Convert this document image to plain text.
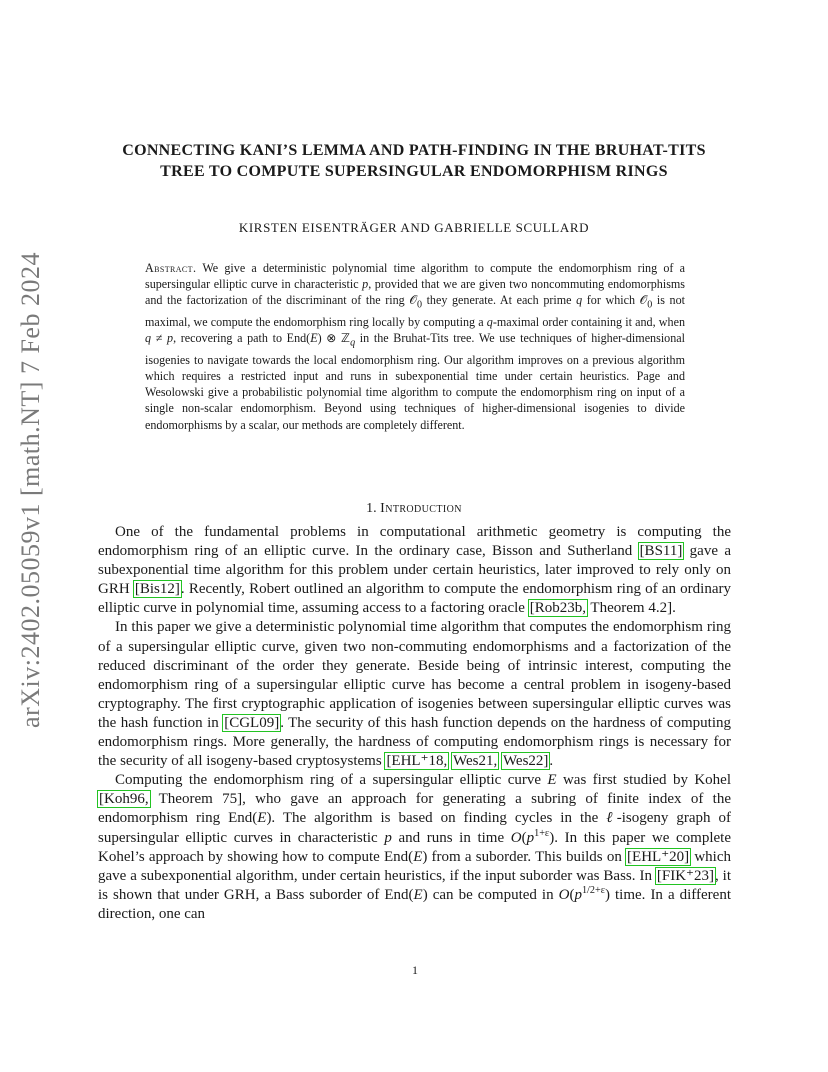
arXiv:2402.05059v1 [math.NT] 7 Feb 2024
CONNECTING KANI’S LEMMA AND PATH-FINDING IN THE BRUHAT-TITS TREE TO COMPUTE SUPERSINGULAR ENDOMORPHISM RINGS
KIRSTEN EISENTRÄGER AND GABRIELLE SCULLARD
Abstract. We give a deterministic polynomial time algorithm to compute the endomorphism ring of a supersingular elliptic curve in characteristic p, provided that we are given two noncommuting endomorphisms and the factorization of the discriminant of the ring 𝒪$_0$ they generate. At each prime q for which 𝒪$_0$ is not maximal, we compute the endomorphism ring locally by computing a q-maximal order containing it and, when q ≠ p, recovering a path to End(E) ⊗ ℤ$_q$ in the Bruhat-Tits tree. We use techniques of higher-dimensional isogenies to navigate towards the local endomorphism ring. Our algorithm improves on a previous algorithm which requires a restricted input and runs in subexponential time under certain heuristics. Page and Wesolowski give a probabilistic polynomial time algorithm to compute the endomorphism ring on input of a single non-scalar endomorphism. Beyond using techniques of higher-dimensional isogenies to divide endomorphisms by a scalar, our methods are completely different.
1. Introduction

One of the fundamental problems in computational arithmetic geometry is computing the endomorphism ring of an elliptic curve. In the ordinary case, Bisson and Sutherland [BS11] gave a subexponential time algorithm for this problem under certain heuristics, later improved to rely only on GRH [Bis12]. Recently, Robert outlined an algorithm to compute the endomorphism ring of an ordinary elliptic curve in polynomial time, assuming access to a factoring oracle [Rob23b, Theorem 4.2].

In this paper we give a deterministic polynomial time algorithm that computes the endomorphism ring of a supersingular elliptic curve, given two non-commuting endomorphisms and a factorization of the reduced discriminant of the order they generate. Beside being of intrinsic interest, computing the endomorphism ring of a supersingular elliptic curve has become a central problem in isogeny-based cryptography. The first cryptographic application of isogenies between supersingular elliptic curves was the hash function in [CGL09]. The security of this hash function depends on the hardness of computing endomorphism rings. More generally, the hardness of computing endomorphism rings is necessary for the security of all isogeny-based cryptosystems [EHL⁺18, Wes21, Wes22].

Computing the endomorphism ring of a supersingular elliptic curve E was first studied by Kohel [Koh96, Theorem 75], who gave an approach for generating a subring of finite index of the endomorphism ring End(E). The algorithm is based on finding cycles in the ℓ-isogeny graph of supersingular elliptic curves in characteristic p and runs in time $O(p^{1+\varepsilon})$. In this paper we complete Kohel’s approach by showing how to compute End(E) from a suborder. This builds on [EHL⁺20] which gave a subexponential algorithm, under certain heuristics, if the input suborder was Bass. In [FIK⁺23], it is shown that under GRH, a Bass suborder of End(E) can be computed in $O(p^{1/2+\varepsilon})$ time. In a different direction, one can

1
